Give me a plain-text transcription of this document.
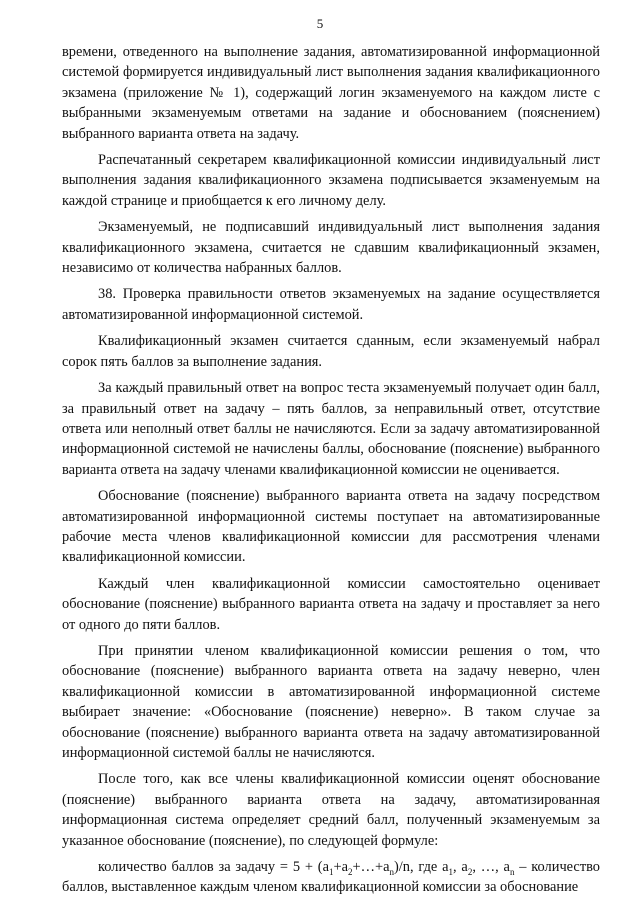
5

времени, отведенного на выполнение задания, автоматизированной информационной системой формируется индивидуальный лист выполнения задания квалификационного экзамена (приложение № 1), содержащий логин экзаменуемого на каждом листе с выбранными экзаменуемым ответами на задание и обоснованием (пояснением) выбранного варианта ответа на задачу.

Распечатанный секретарем квалификационной комиссии индивидуальный лист выполнения задания квалификационного экзамена подписывается экзаменуемым на каждой странице и приобщается к его личному делу.

Экзаменуемый, не подписавший индивидуальный лист выполнения задания квалификационного экзамена, считается не сдавшим квалификационный экзамен, независимо от количества набранных баллов.

38. Проверка правильности ответов экзаменуемых на задание осуществляется автоматизированной информационной системой.

Квалификационный экзамен считается сданным, если экзаменуемый набрал сорок пять баллов за выполнение задания.

За каждый правильный ответ на вопрос теста экзаменуемый получает один балл, за правильный ответ на задачу – пять баллов, за неправильный ответ, отсутствие ответа или неполный ответ баллы не начисляются. Если за задачу автоматизированной информационной системой не начислены баллы, обоснование (пояснение) выбранного варианта ответа на задачу членами квалификационной комиссии не оценивается.

Обоснование (пояснение) выбранного варианта ответа на задачу посредством автоматизированной информационной системы поступает на автоматизированные рабочие места членов квалификационной комиссии для рассмотрения членами квалификационной комиссии.

Каждый член квалификационной комиссии самостоятельно оценивает обоснование (пояснение) выбранного варианта ответа на задачу и проставляет за него от одного до пяти баллов.

При принятии членом квалификационной комиссии решения о том, что обоснование (пояснение) выбранного варианта ответа на задачу неверно, член квалификационной комиссии в автоматизированной информационной системе выбирает значение: «Обоснование (пояснение) неверно». В таком случае за обоснование (пояснение) выбранного варианта ответа на задачу автоматизированной информационной системой баллы не начисляются.

После того, как все члены квалификационной комиссии оценят обоснование (пояснение) выбранного варианта ответа на задачу, автоматизированная информационная система определяет средний балл, полученный экзаменуемым за указанное обоснование (пояснение), по следующей формуле:

количество баллов за задачу = $5 + (a_1+a_2+\dots+a_n)/n$, где $a_1$, $a_2$, …, $a_n$ – количество баллов, выставленное каждым членом квалификационной комиссии за обоснование
